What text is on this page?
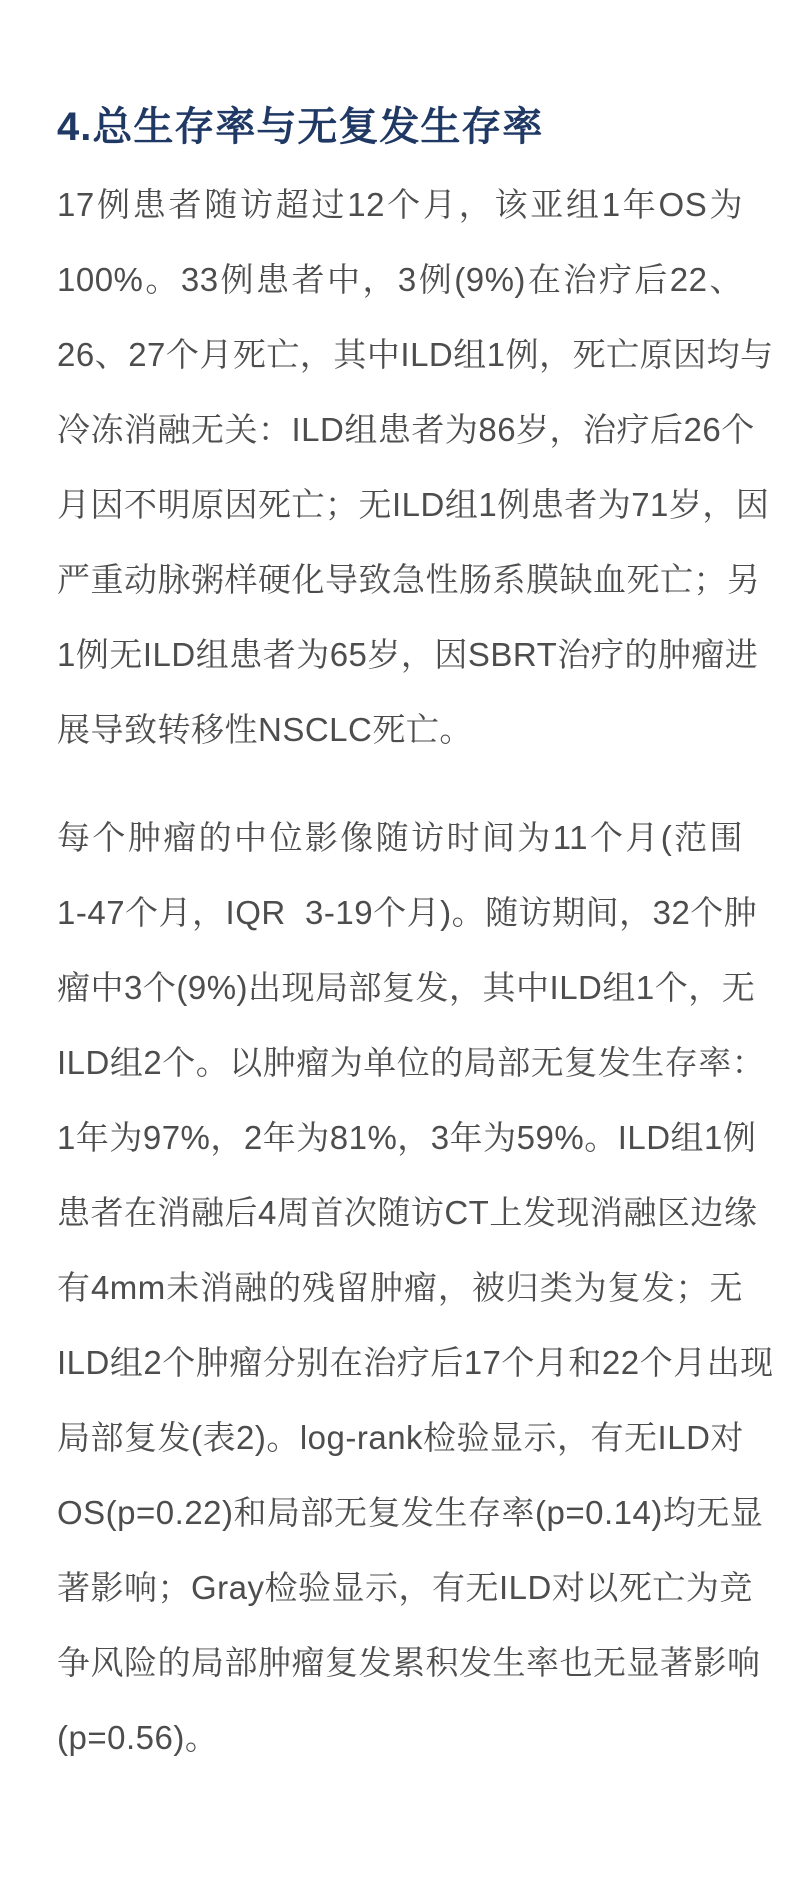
4.总生存率与无复发生存率
17例患者随访超过12个月，该亚组1年OS为
100%。33例患者中，3例(9%)在治疗后22、
26、27个月死亡，其中ILD组1例，死亡原因均与
冷冻消融无关：ILD组患者为86岁，治疗后26个
月因不明原因死亡；无ILD组1例患者为71岁，因
严重动脉粥样硬化导致急性肠系膜缺血死亡；另
1例无ILD组患者为65岁，因SBRT治疗的肿瘤进
展导致转移性NSCLC死亡。
每个肿瘤的中位影像随访时间为11个月(范围
1-47个月，IQR  3-19个月)。随访期间，32个肿
瘤中3个(9%)出现局部复发，其中ILD组1个，无
ILD组2个。以肿瘤为单位的局部无复发生存率：
1年为97%，2年为81%，3年为59%。ILD组1例
患者在消融后4周首次随访CT上发现消融区边缘
有4mm未消融的残留肿瘤，被归类为复发；无
ILD组2个肿瘤分别在治疗后17个月和22个月出现
局部复发(表2)。log-rank检验显示，有无ILD对
OS(p=0.22)和局部无复发生存率(p=0.14)均无显
著影响；Gray检验显示，有无ILD对以死亡为竞
争风险的局部肿瘤复发累积发生率也无显著影响
(p=0.56)。
